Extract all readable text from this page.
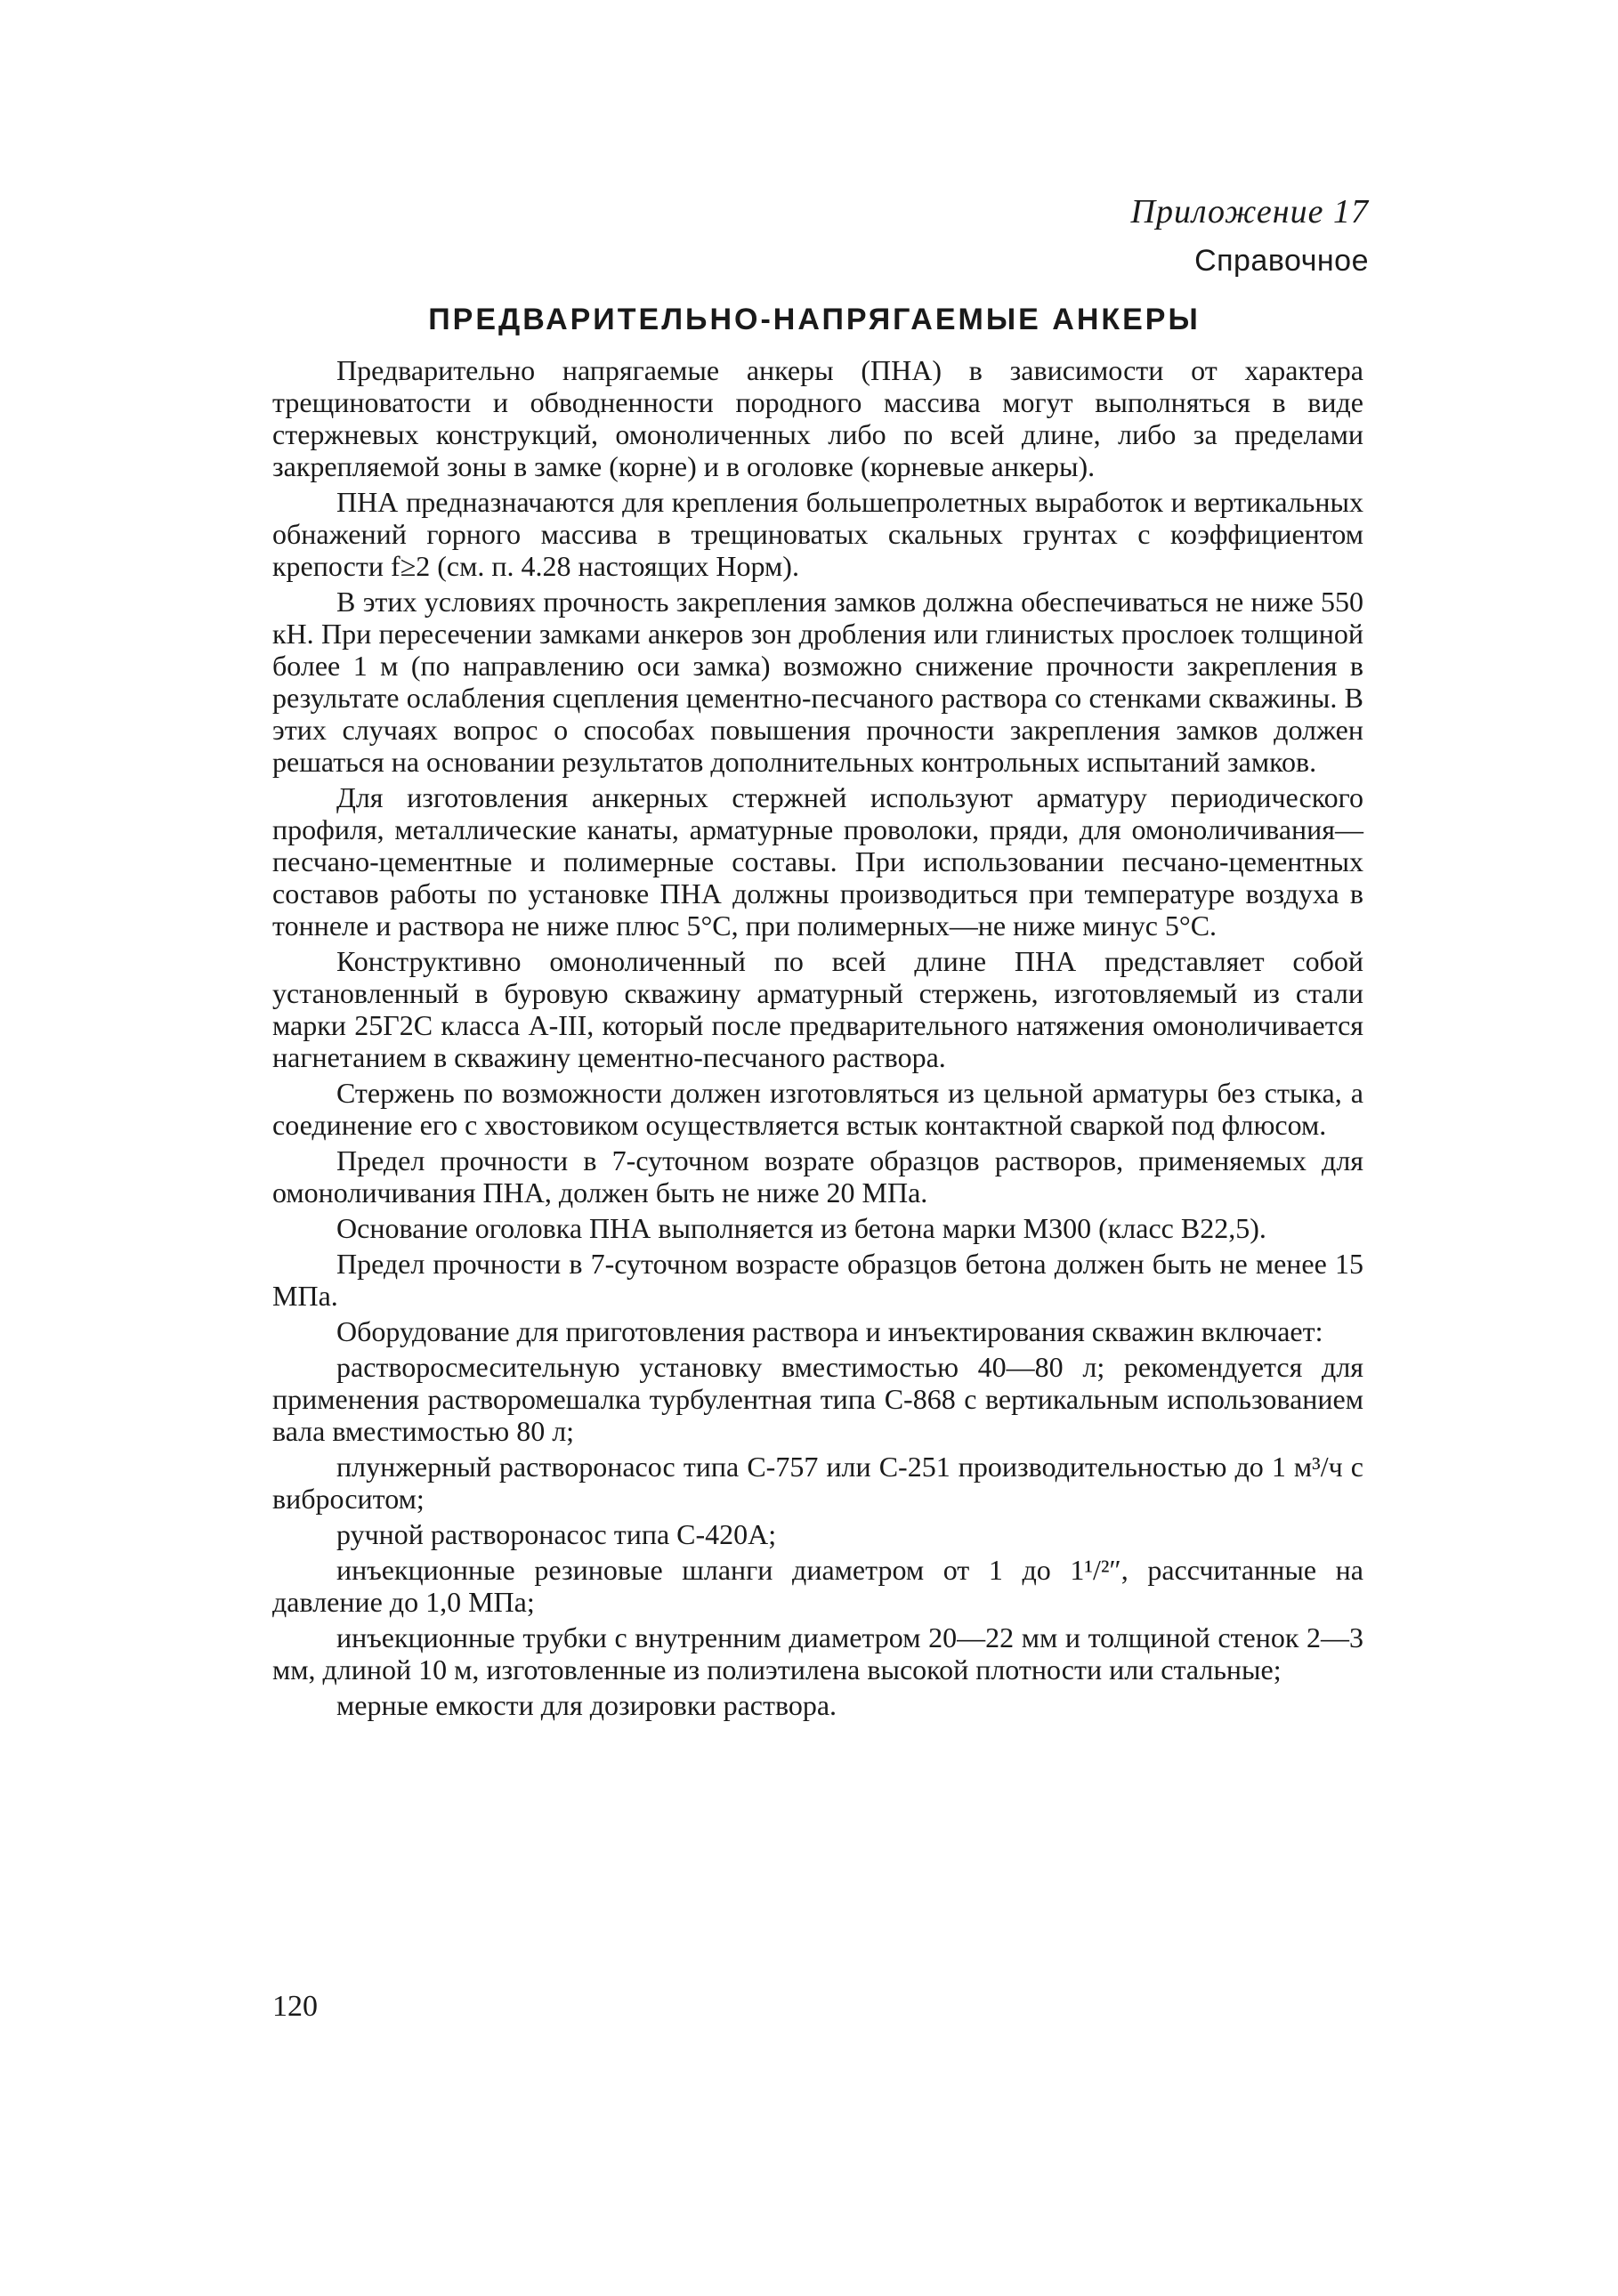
Приложение 17
Справочное
ПРЕДВАРИТЕЛЬНО-НАПРЯГАЕМЫЕ АНКЕРЫ

Предварительно напрягаемые анкеры (ПНА) в зависимости от характера трещиноватости и обводненности породного массива могут выполняться в виде стержневых конструкций, омоноличенных либо по всей длине, либо за пределами закрепляемой зоны в замке (корне) и в оголовке (корневые анкеры).

ПНА предназначаются для крепления большепролетных выработок и вертикальных обнажений горного массива в трещиноватых скальных грунтах с коэффициентом крепости f≥2 (см. п. 4.28 настоящих Норм).

В этих условиях прочность закрепления замков должна обеспечиваться не ниже 550 кН. При пересечении замками анкеров зон дробления или глинистых прослоек толщиной более 1 м (по направлению оси замка) возможно снижение прочности закрепления в результате ослабления сцепления цементно-песчаного раствора со стенками скважины. В этих случаях вопрос о способах повышения прочности закрепления замков должен решаться на основании результатов дополнительных контрольных испытаний замков.

Для изготовления анкерных стержней используют арматуру периодического профиля, металлические канаты, арматурные проволоки, пряди, для омоноличивания—песчано-цементные и полимерные составы. При использовании песчано-цементных составов работы по установке ПНА должны производиться при температуре воздуха в тоннеле и раствора не ниже плюс 5°С, при полимерных—не ниже минус 5°С.

Конструктивно омоноличенный по всей длине ПНА представляет собой установленный в буровую скважину арматурный стержень, изготовляемый из стали марки 25Г2С класса А-III, который после предварительного натяжения омоноличивается нагнетанием в скважину цементно-песчаного раствора.

Стержень по возможности должен изготовляться из цельной арматуры без стыка, а соединение его с хвостовиком осуществляется встык контактной сваркой под флюсом.

Предел прочности в 7-суточном возрате образцов растворов, применяемых для омоноличивания ПНА, должен быть не ниже 20 МПа.

Основание оголовка ПНА выполняется из бетона марки М300 (класс В22,5).

Предел прочности в 7-суточном возрасте образцов бетона должен быть не менее 15 МПа.

Оборудование для приготовления раствора и инъектирования скважин включает:

растворосмесительную установку вместимостью 40—80 л; рекомендуется для применения растворомешалка турбулентная типа С-868 с вертикальным использованием вала вместимостью 80 л;

плунжерный растворонасос типа С-757 или С-251 производительностью до 1 м³/ч с виброситом;

ручной растворонасос типа С-420А;

инъекционные резиновые шланги диаметром от 1 до 1¹/²″, рассчитанные на давление до 1,0 МПа;

инъекционные трубки с внутренним диаметром 20—22 мм и толщиной стенок 2—3 мм, длиной 10 м, изготовленные из полиэтилена высокой плотности или стальные;

мерные емкости для дозировки раствора.

120
